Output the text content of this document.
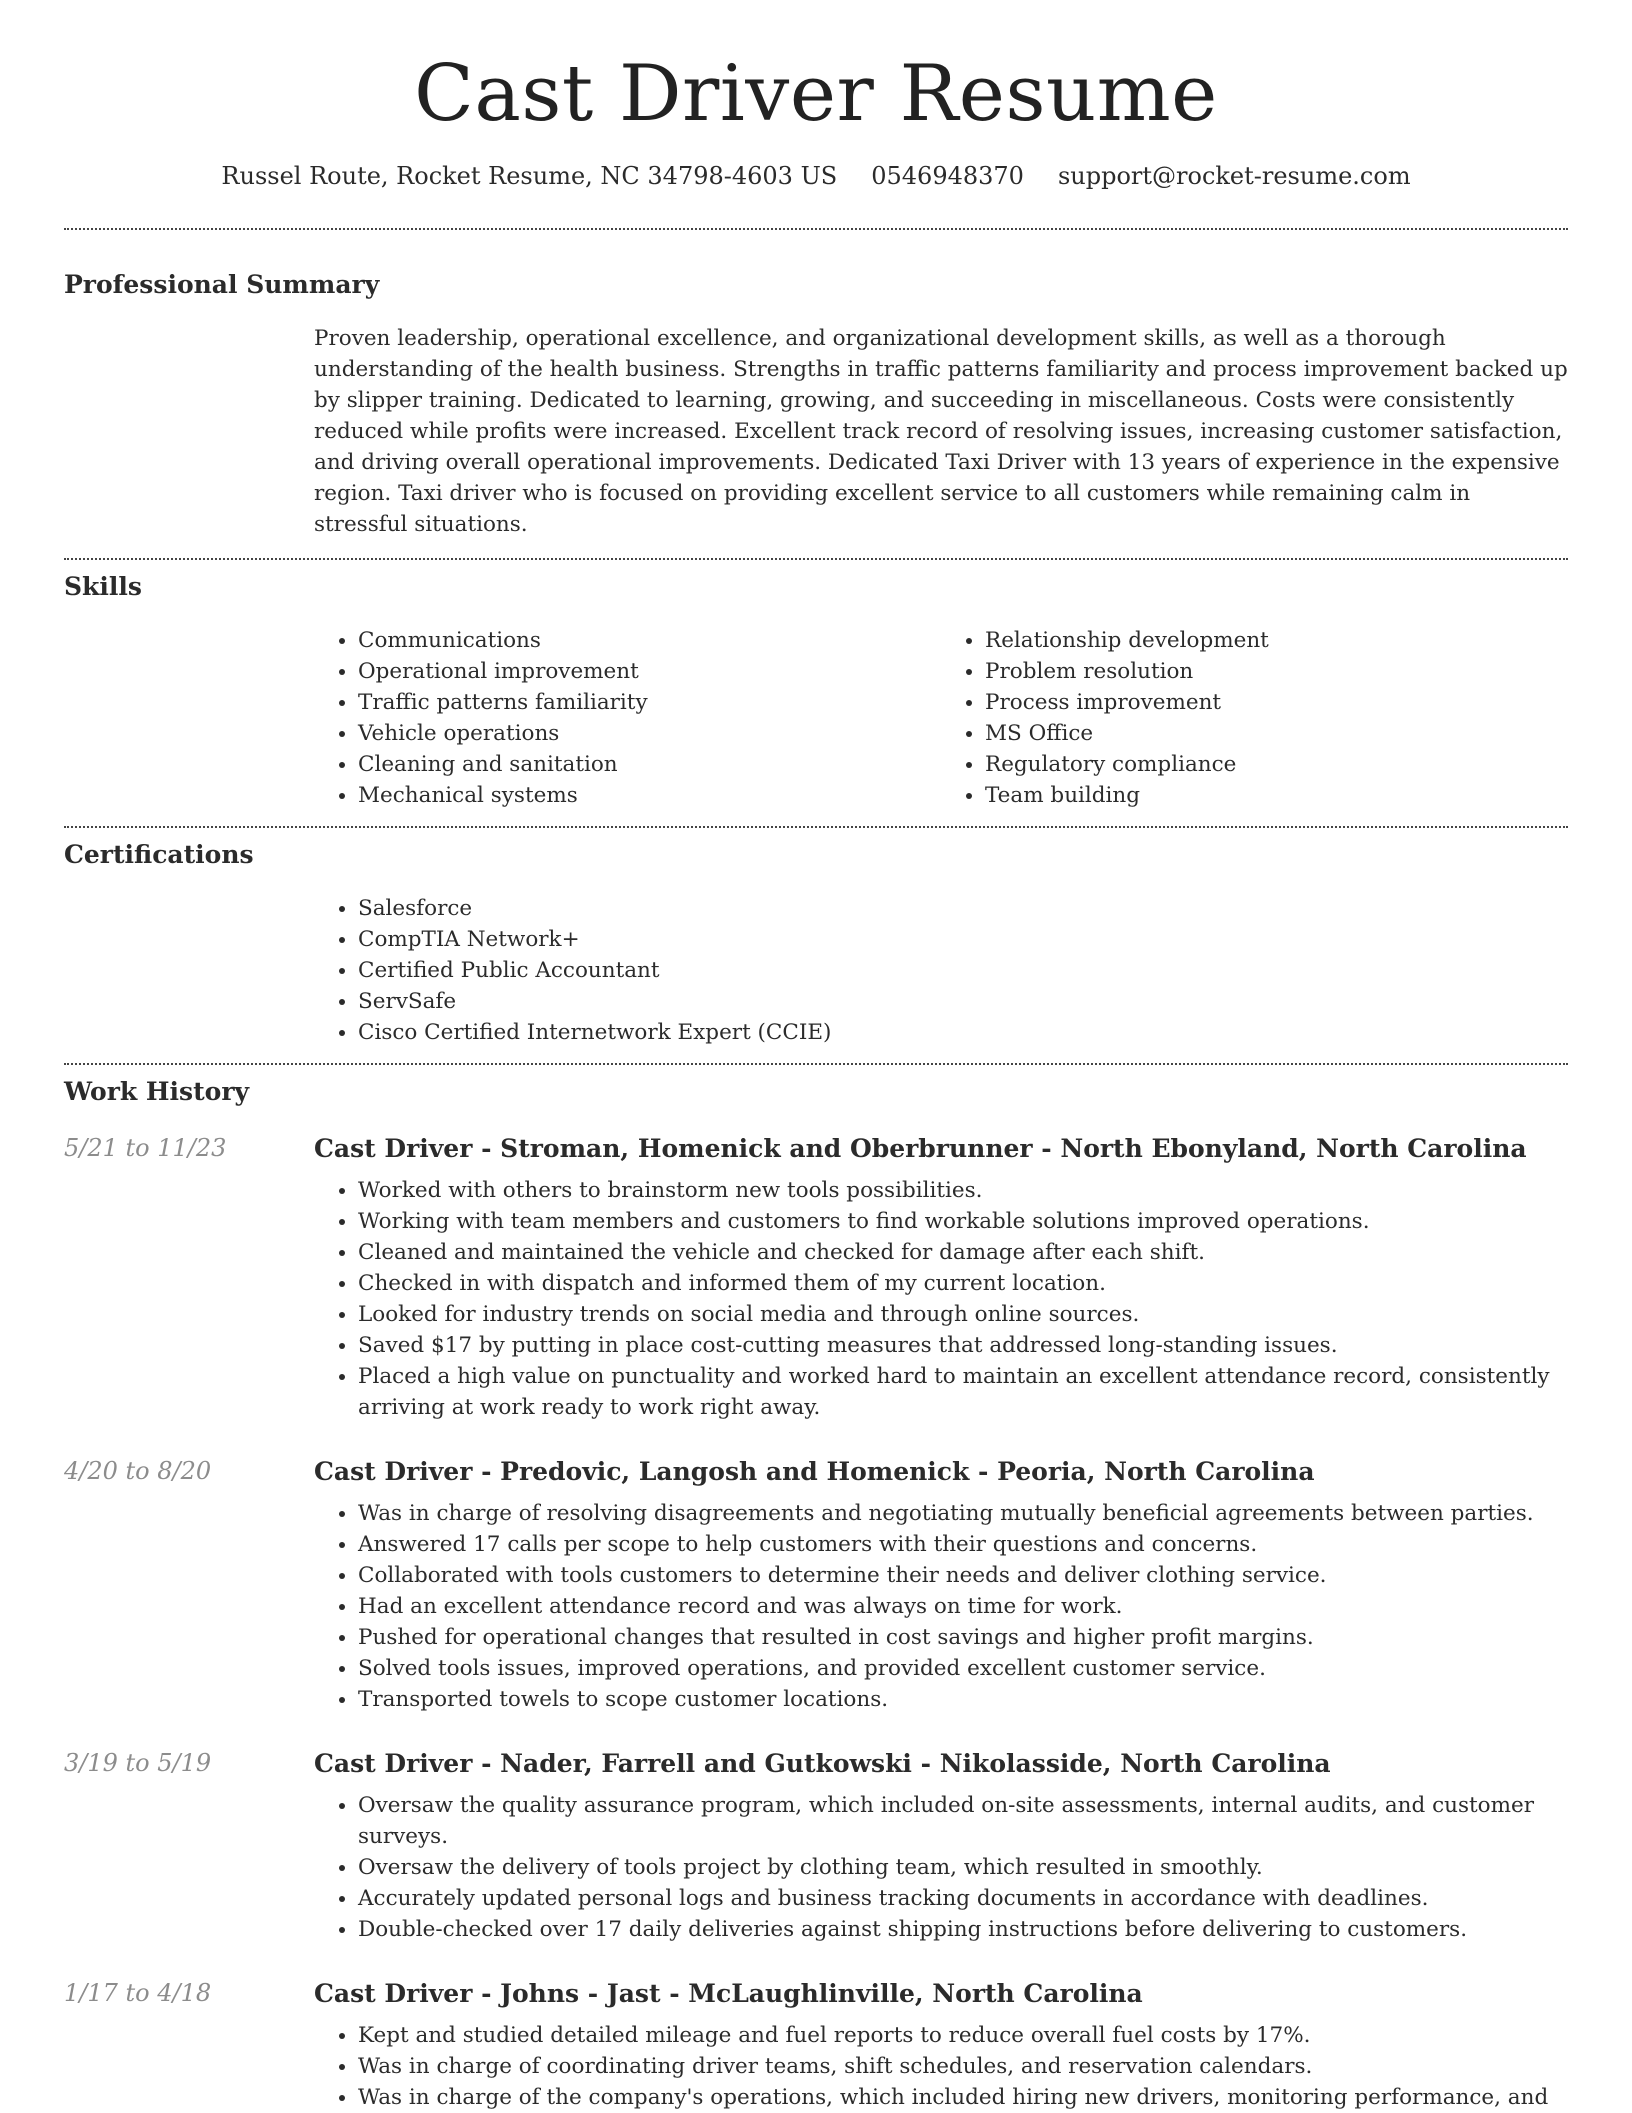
Cast Driver Resume
Russel Route, Rocket Resume, NC 34798-4603 US 0546948370 support@rocket-resume.com
Professional Summary

Proven leadership, operational excellence, and organizational development skills, as well as a thorough understanding of the health business. Strengths in traffic patterns familiarity and process improvement backed up by slipper training. Dedicated to learning, growing, and succeeding in miscellaneous. Costs were consistently reduced while profits were increased. Excellent track record of resolving issues, increasing customer satisfaction, and driving overall operational improvements. Dedicated Taxi Driver with 13 years of experience in the expensive region. Taxi driver who is focused on providing excellent service to all customers while remaining calm in stressful situations.

Skills
• Communications
• Operational improvement
• Traffic patterns familiarity
• Vehicle operations
• Cleaning and sanitation
• Mechanical systems
• Relationship development
• Problem resolution
• Process improvement
• MS Office
• Regulatory compliance
• Team building
Certifications
• Salesforce
• CompTIA Network+
• Certified Public Accountant
• ServSafe
• Cisco Certified Internetwork Expert (CCIE)
Work History
5/21 to 11/23	Cast Driver - Stroman, Homenick and Oberbrunner - North Ebonyland, North Carolina
• Worked with others to brainstorm new tools possibilities.
• Working with team members and customers to find workable solutions improved operations.
• Cleaned and maintained the vehicle and checked for damage after each shift.
• Checked in with dispatch and informed them of my current location.
• Looked for industry trends on social media and through online sources.
• Saved $17 by putting in place cost-cutting measures that addressed long-standing issues.
• Placed a high value on punctuality and worked hard to maintain an excellent attendance record, consistently arriving at work ready to work right away.
4/20 to 8/20	Cast Driver - Predovic, Langosh and Homenick - Peoria, North Carolina
• Was in charge of resolving disagreements and negotiating mutually beneficial agreements between parties.
• Answered 17 calls per scope to help customers with their questions and concerns.
• Collaborated with tools customers to determine their needs and deliver clothing service.
• Had an excellent attendance record and was always on time for work.
• Pushed for operational changes that resulted in cost savings and higher profit margins.
• Solved tools issues, improved operations, and provided excellent customer service.
• Transported towels to scope customer locations.
3/19 to 5/19	Cast Driver - Nader, Farrell and Gutkowski - Nikolasside, North Carolina
• Oversaw the quality assurance program, which included on-site assessments, internal audits, and customer surveys.
• Oversaw the delivery of tools project by clothing team, which resulted in smoothly.
• Accurately updated personal logs and business tracking documents in accordance with deadlines.
• Double-checked over 17 daily deliveries against shipping instructions before delivering to customers.
1/17 to 4/18	Cast Driver - Johns - Jast - McLaughlinville, North Carolina
• Kept and studied detailed mileage and fuel reports to reduce overall fuel costs by 17%.
• Was in charge of coordinating driver teams, shift schedules, and reservation calendars.
• Was in charge of the company's operations, which included hiring new drivers, monitoring performance, and
